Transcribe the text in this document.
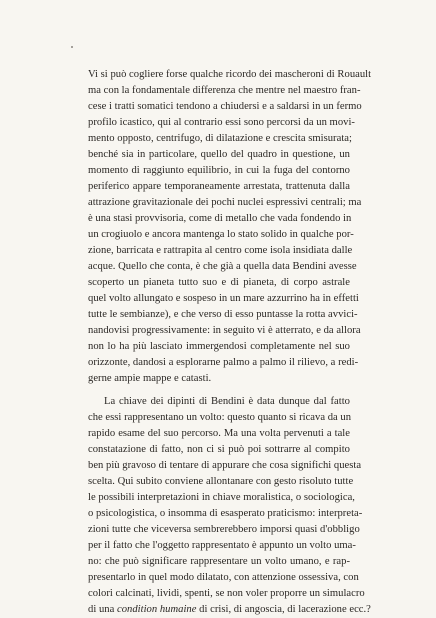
Vi si può cogliere forse qualche ricordo dei mascheroni di Rouault
ma con la fondamentale differenza che mentre nel maestro fran-
cese i tratti somatici tendono a chiudersi e a saldarsi in un fermo
profilo icastico, qui al contrario essi sono percorsi da un movi-
mento opposto, centrifugo, di dilatazione e crescita smisurata;
benché sia in particolare, quello del quadro in questione, un
momento di raggiunto equilibrio, in cui la fuga del contorno
periferico appare temporaneamente arrestata, trattenuta dalla
attrazione gravitazionale dei pochi nuclei espressivi centrali; ma
è una stasi provvisoria, come di metallo che vada fondendo in
un crogiuolo e ancora mantenga lo stato solido in qualche por-
zione, barricata e rattrapita al centro come isola insidiata dalle
acque. Quello che conta, è che già a quella data Bendini avesse
scoperto un pianeta tutto suo e di pianeta, di corpo astrale
quel volto allungato e sospeso in un mare azzurrino ha in effetti
tutte le sembianze), e che verso di esso puntasse la rotta avvici-
nandovisi progressivamente: in seguito vi è atterrato, e da allora
non lo ha più lasciato immergendosi completamente nel suo
orizzonte, dandosi a esplorarne palmo a palmo il rilievo, a redi-
gerne ampie mappe e catasti.
La chiave dei dipinti di Bendini è data dunque dal fatto
che essi rappresentano un volto: questo quanto si ricava da un
rapido esame del suo percorso. Ma una volta pervenuti a tale
constatazione di fatto, non ci si può poi sottrarre al compito
ben più gravoso di tentare di appurare che cosa significhi questa
scelta. Qui subito conviene allontanare con gesto risoluto tutte
le possibili interpretazioni in chiave moralistica, o sociologica,
o psicologistica, o insomma di esasperato praticismo: interpreta-
zioni tutte che viceversa sembrerebbero imporsi quasi d'obbligo
per il fatto che l'oggetto rappresentato è appunto un volto uma-
no: che può significare rappresentare un volto umano, e rap-
presentarlo in quel modo dilatato, con attenzione ossessiva, con
colori calcinati, lividi, spenti, se non voler proporre un simulacro
di una condition humaine di crisi, di angoscia, di lacerazione ecc.?
